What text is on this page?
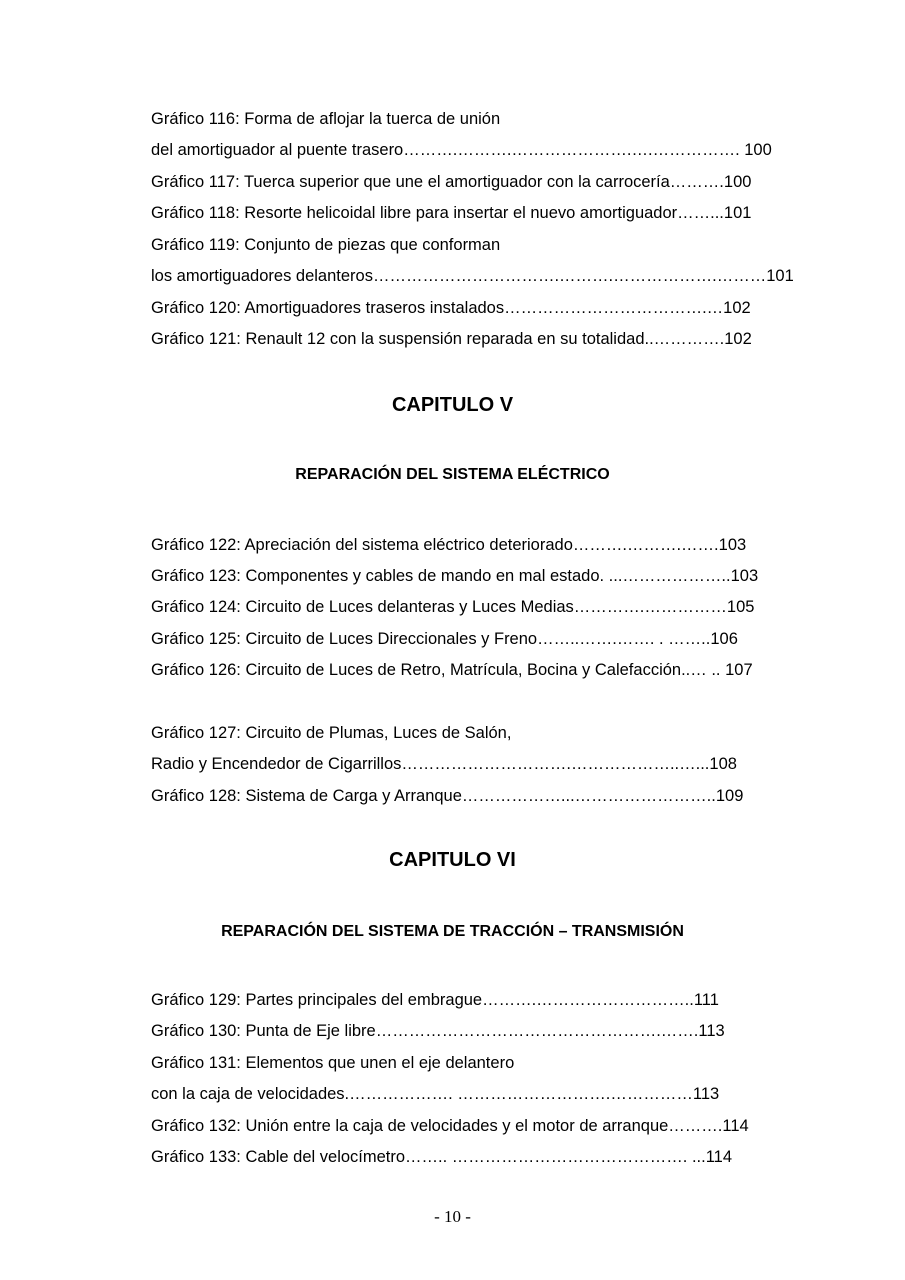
Gráfico 116: Forma de aflojar la tuerca de unión
del amortiguador al puente trasero……….……….………………….….……………. 100
Gráfico 117: Tuerca superior que une el amortiguador con la carrocería……….100
Gráfico 118: Resorte helicoidal libre para insertar el nuevo amortiguador……...101
Gráfico 119: Conjunto de piezas que conforman
los amortiguadores delanteros…………………………….……….……………….………101
Gráfico 120: Amortiguadores traseros instalados……………………………….…102
Gráfico 121: Renault 12 con la suspensión reparada en su totalidad..………….102
CAPITULO V
REPARACIÓN DEL SISTEMA ELÉCTRICO
Gráfico 122: Apreciación del sistema eléctrico deteriorado……….……….…….103
Gráfico 123: Componentes y cables de mando en mal estado. ...………………..103
Gráfico 124: Circuito de Luces delanteras y Luces Medias………….……………105
Gráfico 125: Circuito de Luces Direccionales y Freno……..…….……. . ……..106
Gráfico 126: Circuito de Luces de Retro, Matrícula, Bocina y Calefacción..… .. 107
Gráfico 127: Circuito de Plumas, Luces de Salón,
Radio y Encendedor de Cigarrillos………………………….………………..…...108
Gráfico 128: Sistema de Carga y Arranque………………...……………………..109
CAPITULO VI
REPARACIÓN DEL SISTEMA DE TRACCIÓN – TRANSMISIÓN
Gráfico 129: Partes principales del embrague……….………………………..111
Gráfico 130: Punta de Eje libre…………………………………………….…….113
Gráfico 131: Elementos que unen el eje delantero
con la caja de velocidades.………………. ……………………….……………113
Gráfico 132: Unión entre la caja de velocidades y el motor de arranque……….114
Gráfico 133: Cable del velocímetro…….. ……………………………………. ...114
- 10 -
